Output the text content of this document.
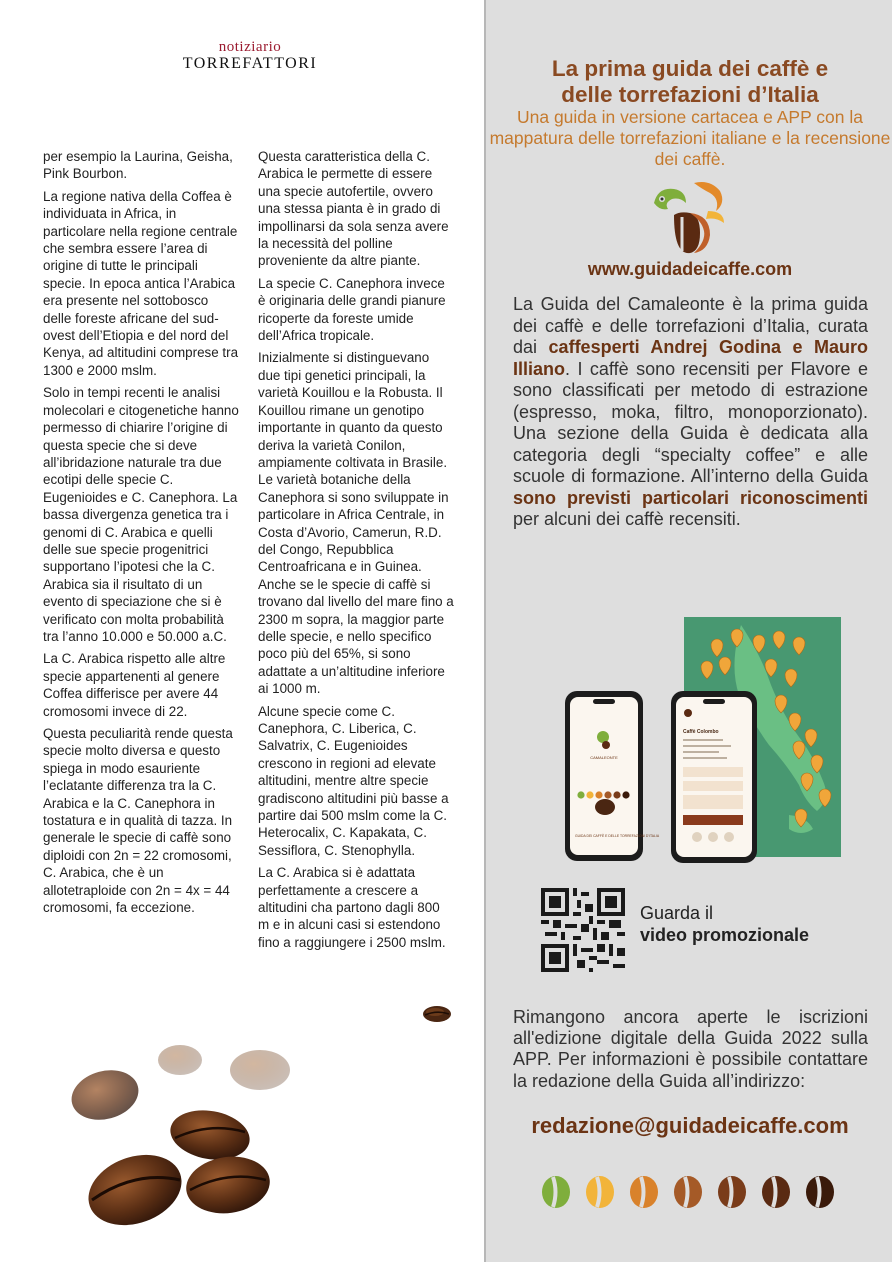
notiziario
TORREFATTORI

per esempio la Laurina, Geisha, Pink Bourbon.

La regione nativa della Coffea è individuata in Africa, in particolare nella regione centrale che sembra essere l’area di origine di tutte le principali specie. In epoca antica l’Arabica era presente nel sottobosco delle foreste africane del sud-ovest dell’Etiopia e del nord del Kenya, ad altitudini comprese tra 1300 e 2000 mslm.

Solo in tempi recenti le analisi molecolari e citogenetiche hanno permesso di chiarire l’origine di questa specie che si deve all’ibridazione naturale tra due ecotipi delle specie C. Eugenioides e C. Canephora. La bassa divergenza genetica tra i genomi di C. Arabica e quelli delle sue specie progenitrici supportano l’ipotesi che la C. Arabica sia il risultato di un evento di speciazione che si è verificato con molta probabilità tra l’anno 10.000 e 50.000 a.C.

La C. Arabica rispetto alle altre specie appartenenti al genere Coffea differisce per avere 44 cromosomi invece di 22.

Questa peculiarità rende questa specie molto diversa e questo spiega in modo esauriente l’eclatante differenza tra la C. Arabica e la C. Canephora in tostatura e in qualità di tazza. In generale le specie di caffè sono diploidi con 2n = 22 cromosomi, C. Arabica, che è un allotetraploide con 2n = 4x = 44 cromosomi, fa eccezione.

Questa caratteristica della C. Arabica le permette di essere una specie autofertile, ovvero una stessa pianta è in grado di impollinarsi da sola senza avere la necessità del polline proveniente da altre piante.

La specie C. Canephora invece è originaria delle grandi pianure ricoperte da foreste umide dell’Africa tropicale.

Inizialmente si distinguevano due tipi genetici principali, la varietà Kouillou e la Robusta. Il Kouillou rimane un genotipo importante in quanto da questo deriva la varietà Conilon, ampiamente coltivata in Brasile. Le varietà botaniche della Canephora si sono sviluppate in particolare in Africa Centrale, in Costa d’Avorio, Camerun, R.D. del Congo, Repubblica Centroafricana e in Guinea. Anche se le specie di caffè si trovano dal livello del mare fino a 2300 m sopra, la maggior parte delle specie, e nello specifico poco più del 65%, si sono adattate a un’altitudine inferiore ai 1000 m.

Alcune specie come C. Canephora, C. Liberica, C. Salvatrix, C. Eugenioides crescono in regioni ad elevate altitudini, mentre altre specie gradiscono altitudini più basse a partire dai 500 mslm come la C. Heterocalix, C. Kapakata, C. Sessiflora, C. Stenophylla.

La C. Arabica si è adattata perfettamente a crescere a altitudini cha partono dagli 800 m e in alcuni casi si estendono fino a raggiungere i 2500 mslm.

La prima guida dei caffè e
delle torrefazioni d’Italia
Una guida in versione cartacea e APP con la mappatura delle torrefazioni italiane e la recensione dei caffè.
www.guidadeicaffe.com
La Guida del Camaleonte è la prima guida dei caffè e delle torrefazioni d’Italia, curata dai caffesperti Andrej Godina e Mauro Illiano. I caffè sono recensiti per Flavore e sono classificati per metodo di estrazione (espresso, moka, filtro, monoporzionato). Una sezione della Guida è dedicata alla categoria degli “specialty coffee” e alle scuole di formazione. All’interno della Guida sono previsti particolari riconoscimenti per alcuni dei caffè recensiti.
CAMALEONTE
GUIDA DEI CAFFÈ E DELLE TORREFAZIONI D'ITALIA
Caffè Colombo
Guarda il
video promozionale
Rimangono ancora aperte le iscrizioni all'edizione digitale della Guida 2022 sulla APP. Per informazioni è possibile contattare la redazione della Guida all’indirizzo:
redazione@guidadeicaffe.com
